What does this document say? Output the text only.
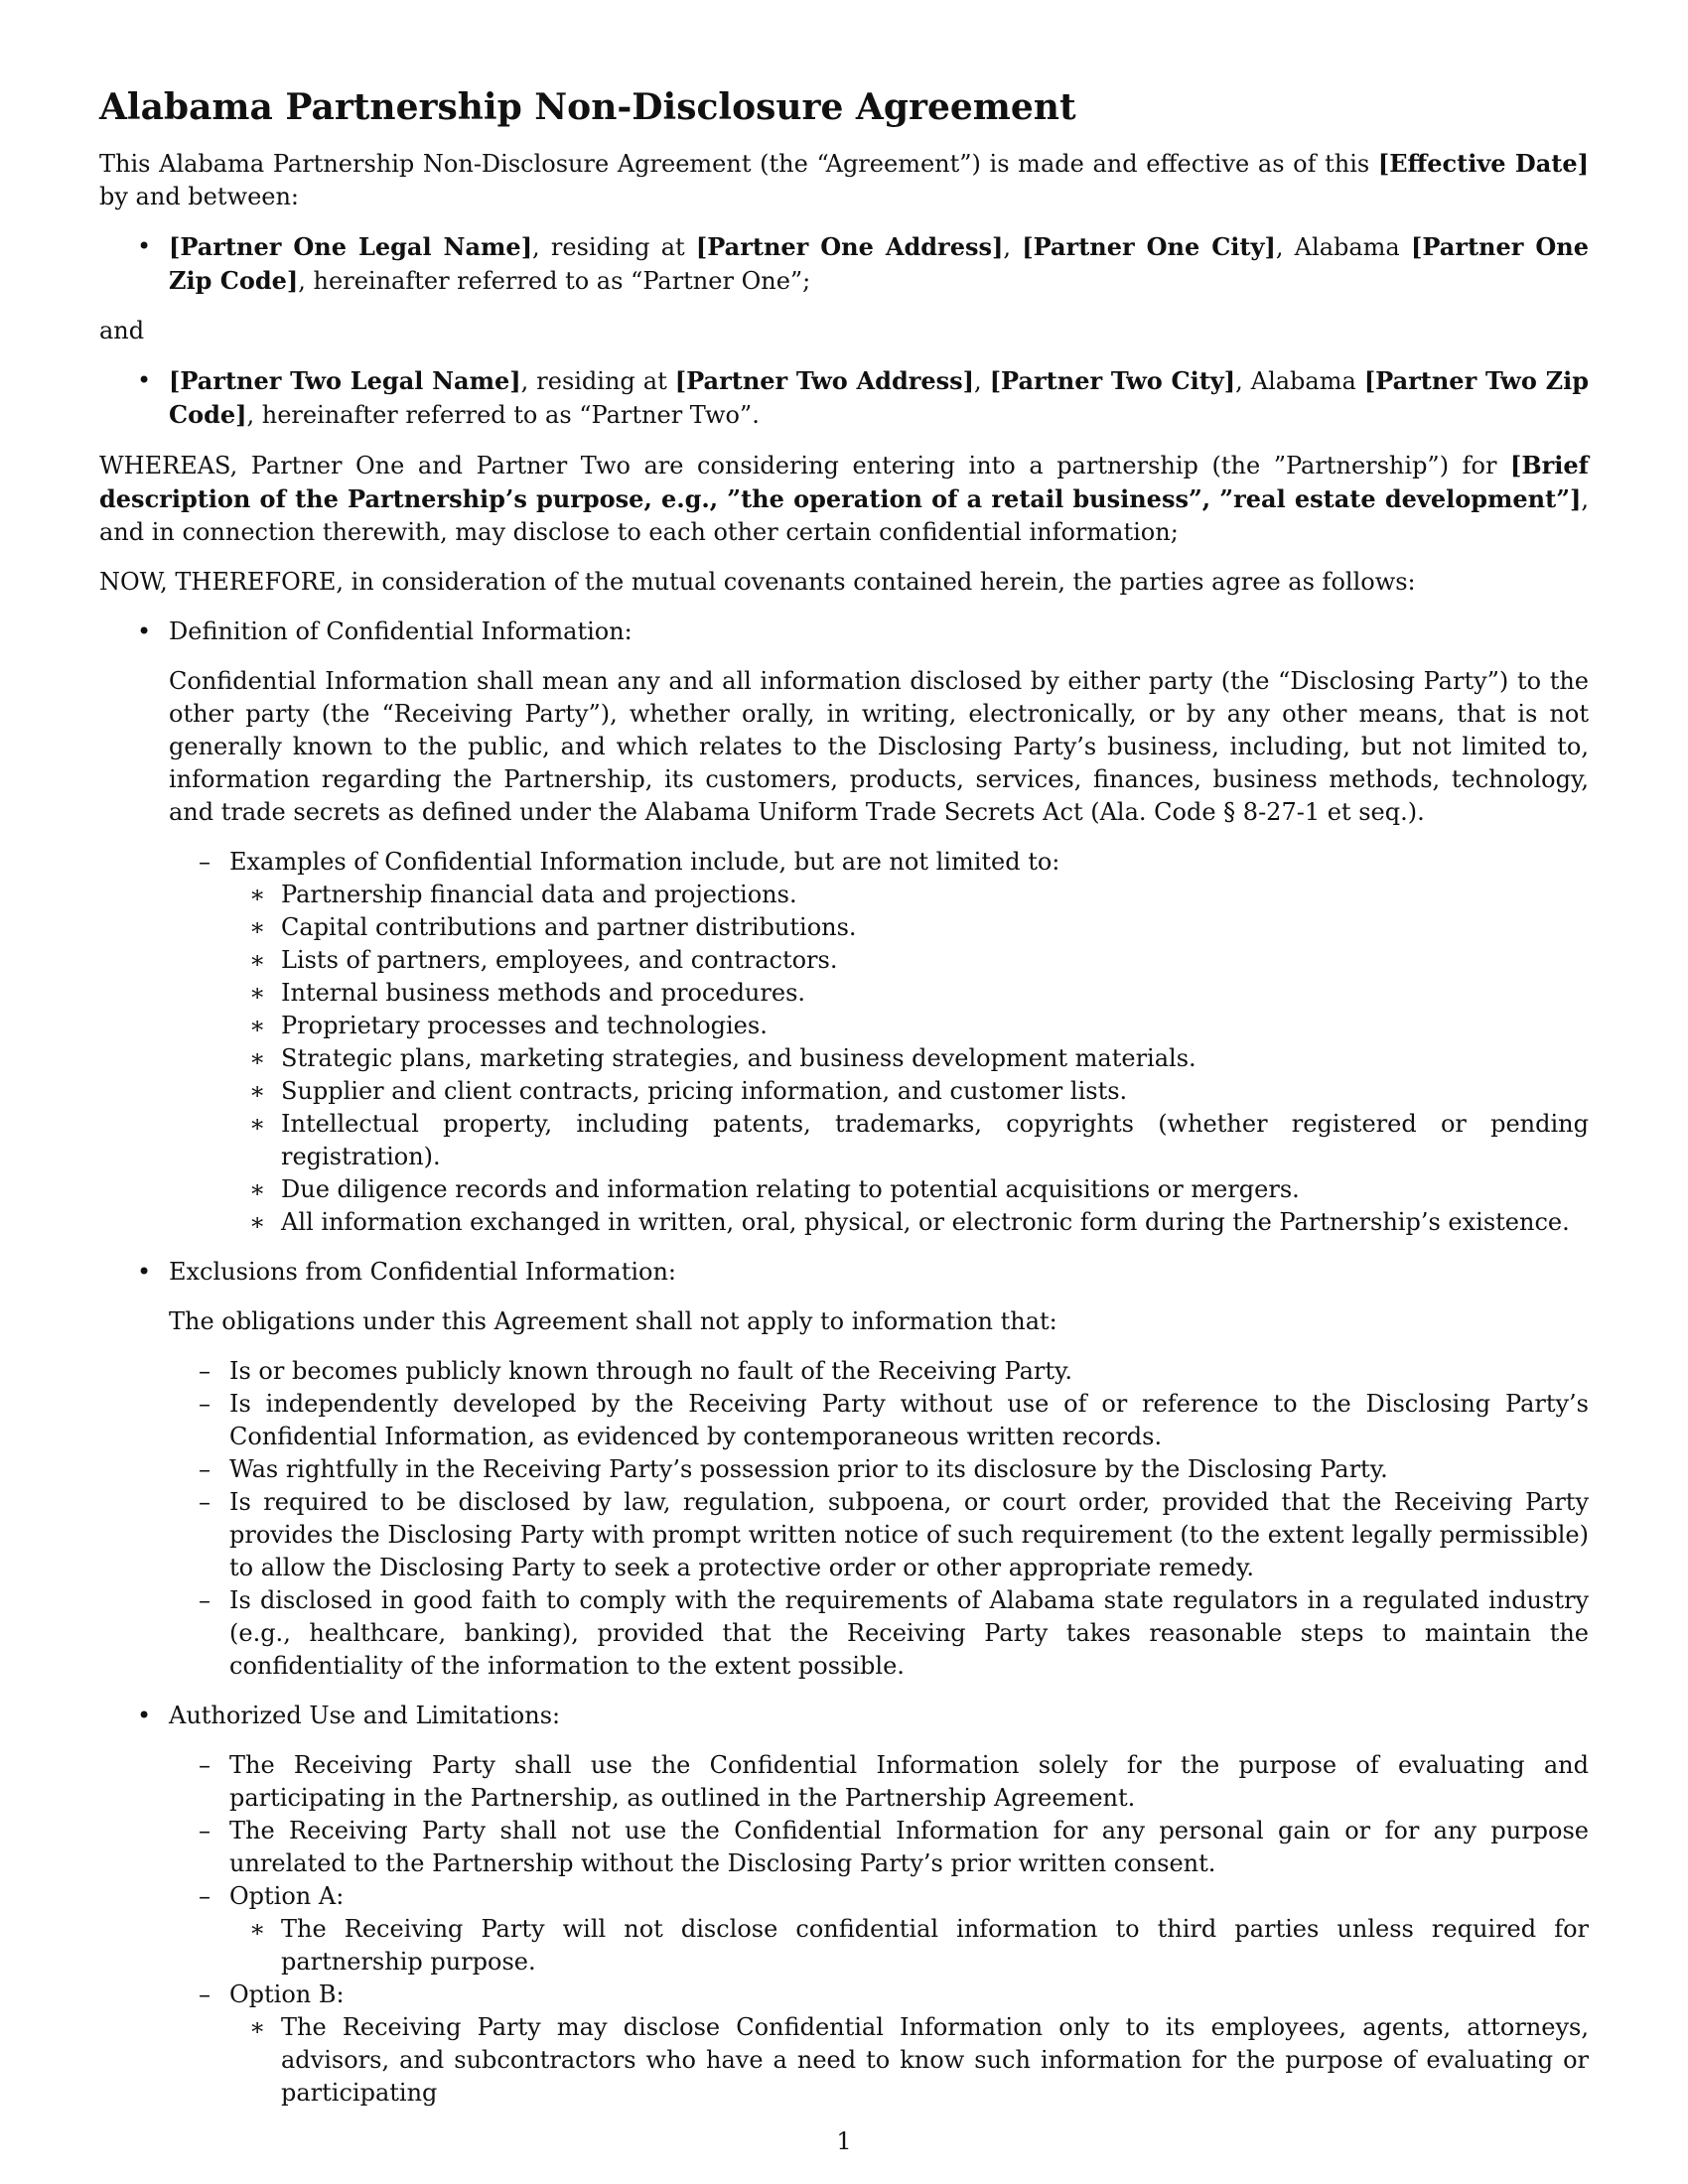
Alabama Partnership Non-Disclosure Agreement

This Alabama Partnership Non-Disclosure Agreement (the “Agreement”) is made and effective as of this [Effective Date] by and between:

• [Partner One Legal Name], residing at [Partner One Address], [Partner One City], Alabama [Partner One Zip Code], hereinafter referred to as “Partner One”;
and
• [Partner Two Legal Name], residing at [Partner Two Address], [Partner Two City], Alabama [Partner Two Zip Code], hereinafter referred to as “Partner Two”.

WHEREAS, Partner One and Partner Two are considering entering into a partnership (the ”Partnership”) for [Brief description of the Partnership’s purpose, e.g., ”the operation of a retail business”, ”real estate development”], and in connection therewith, may disclose to each other certain confidential information;

NOW, THEREFORE, in consideration of the mutual covenants contained herein, the parties agree as follows:

• Definition of Confidential Information:

Confidential Information shall mean any and all information disclosed by either party (the “Disclosing Party”) to the other party (the “Receiving Party”), whether orally, in writing, electronically, or by any other means, that is not generally known to the public, and which relates to the Disclosing Party’s business, including, but not limited to, information regarding the Partnership, its customers, products, services, finances, business methods, technology, and trade secrets as defined under the Alabama Uniform Trade Secrets Act (Ala. Code § 8-27-1 et seq.).

– Examples of Confidential Information include, but are not limited to:
∗ Partnership financial data and projections.
∗ Capital contributions and partner distributions.
∗ Lists of partners, employees, and contractors.
∗ Internal business methods and procedures.
∗ Proprietary processes and technologies.
∗ Strategic plans, marketing strategies, and business development materials.
∗ Supplier and client contracts, pricing information, and customer lists.
∗ Intellectual property, including patents, trademarks, copyrights (whether registered or pending registration).
∗ Due diligence records and information relating to potential acquisitions or mergers.
∗ All information exchanged in written, oral, physical, or electronic form during the Partnership’s existence.
• Exclusions from Confidential Information:

The obligations under this Agreement shall not apply to information that:

– Is or becomes publicly known through no fault of the Receiving Party.
– Is independently developed by the Receiving Party without use of or reference to the Disclosing Party’s Confidential Information, as evidenced by contemporaneous written records.
– Was rightfully in the Receiving Party’s possession prior to its disclosure by the Disclosing Party.
– Is required to be disclosed by law, regulation, subpoena, or court order, provided that the Receiving Party provides the Disclosing Party with prompt written notice of such requirement (to the extent legally permissible) to allow the Disclosing Party to seek a protective order or other appropriate remedy.
– Is disclosed in good faith to comply with the requirements of Alabama state regulators in a regulated industry (e.g., healthcare, banking), provided that the Receiving Party takes reasonable steps to maintain the confidentiality of the information to the extent possible.
• Authorized Use and Limitations:
– The Receiving Party shall use the Confidential Information solely for the purpose of evaluating and participating in the Partnership, as outlined in the Partnership Agreement.
– The Receiving Party shall not use the Confidential Information for any personal gain or for any purpose unrelated to the Partnership without the Disclosing Party’s prior written consent.
– Option A:
∗ The Receiving Party will not disclose confidential information to third parties unless required for partnership purpose.
– Option B:
∗ The Receiving Party may disclose Confidential Information only to its employees, agents, attorneys, advisors, and subcontractors who have a need to know such information for the purpose of evaluating or participating
1
